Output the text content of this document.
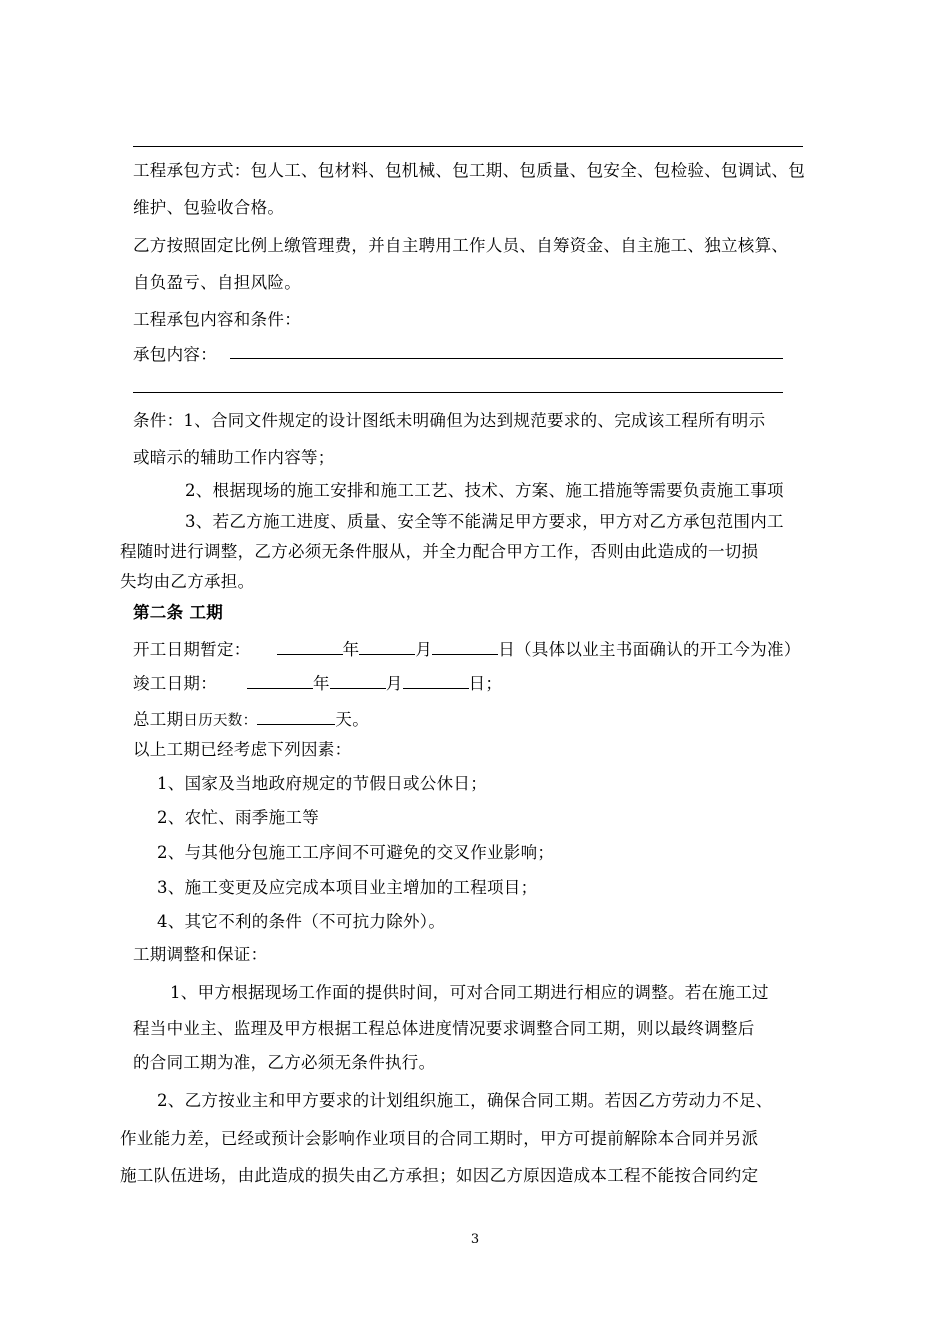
工程承包方式：包人工、包材料、包机械、包工期、包质量、包安全、包检验、包调试、包
维护、包验收合格。
乙方按照固定比例上缴管理费，并自主聘用工作人员、自筹资金、自主施工、独立核算、
自负盈亏、自担风险。
工程承包内容和条件：
承包内容：
条件：1、合同文件规定的设计图纸未明确但为达到规范要求的、完成该工程所有明示
或暗示的辅助工作内容等；
2、根据现场的施工安排和施工工艺、技术、方案、施工措施等需要负责施工事项
3、若乙方施工进度、质量、安全等不能满足甲方要求，甲方对乙方承包范围内工
程随时进行调整，乙方必须无条件服从，并全力配合甲方工作，否则由此造成的一切损
失均由乙方承担。
第二条 工期
开工日期暂定：	年	月	日（具体以业主书面确认的开工今为准）
竣工日期：	年	月	日；
总工期日历天数：	天。
以上工期已经考虑下列因素：
1、国家及当地政府规定的节假日或公休日；
2、农忙、雨季施工等
2、与其他分包施工工序间不可避免的交叉作业影响；
3、施工变更及应完成本项目业主增加的工程项目；
4、其它不利的条件（不可抗力除外）。
工期调整和保证：
1、甲方根据现场工作面的提供时间，可对合同工期进行相应的调整。若在施工过
程当中业主、监理及甲方根据工程总体进度情况要求调整合同工期，则以最终调整后
的合同工期为准，乙方必须无条件执行。
2、乙方按业主和甲方要求的计划组织施工，确保合同工期。若因乙方劳动力不足、
作业能力差，已经或预计会影响作业项目的合同工期时，甲方可提前解除本合同并另派
施工队伍进场，由此造成的损失由乙方承担；如因乙方原因造成本工程不能按合同约定
3
